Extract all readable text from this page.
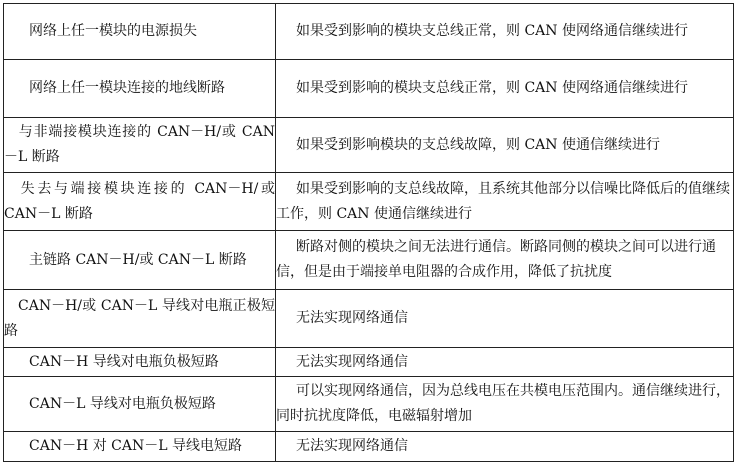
网络上任一模块的电源损失	如果受到影响的模块支总线正常，则 CAN 使网络通信继续进行
网络上任一模块连接的地线断路	如果受到影响的模块支总线正常，则 CAN 使网络通信继续进行
与非端接模块连接的 CAN－H/或 CAN－L 断路	如果受到影响模块的支总线故障，则 CAN 使通信继续进行
失去与端接模块连接的 CAN－H/或 CAN－L 断路	如果受到影响的支总线故障，且系统其他部分以信噪比降低后的值继续工作，则 CAN 使通信继续进行
主链路 CAN－H/或 CAN－L 断路	断路对侧的模块之间无法进行通信。断路同侧的模块之间可以进行通信，但是由于端接单电阻器的合成作用，降低了抗扰度
CAN－H/或 CAN－L 导线对电瓶正极短路	无法实现网络通信
CAN－H 导线对电瓶负极短路	无法实现网络通信
CAN－L 导线对电瓶负极短路	可以实现网络通信，因为总线电压在共模电压范围内。通信继续进行，同时抗扰度降低，电磁辐射增加
CAN－H 对 CAN－L 导线电短路	无法实现网络通信
